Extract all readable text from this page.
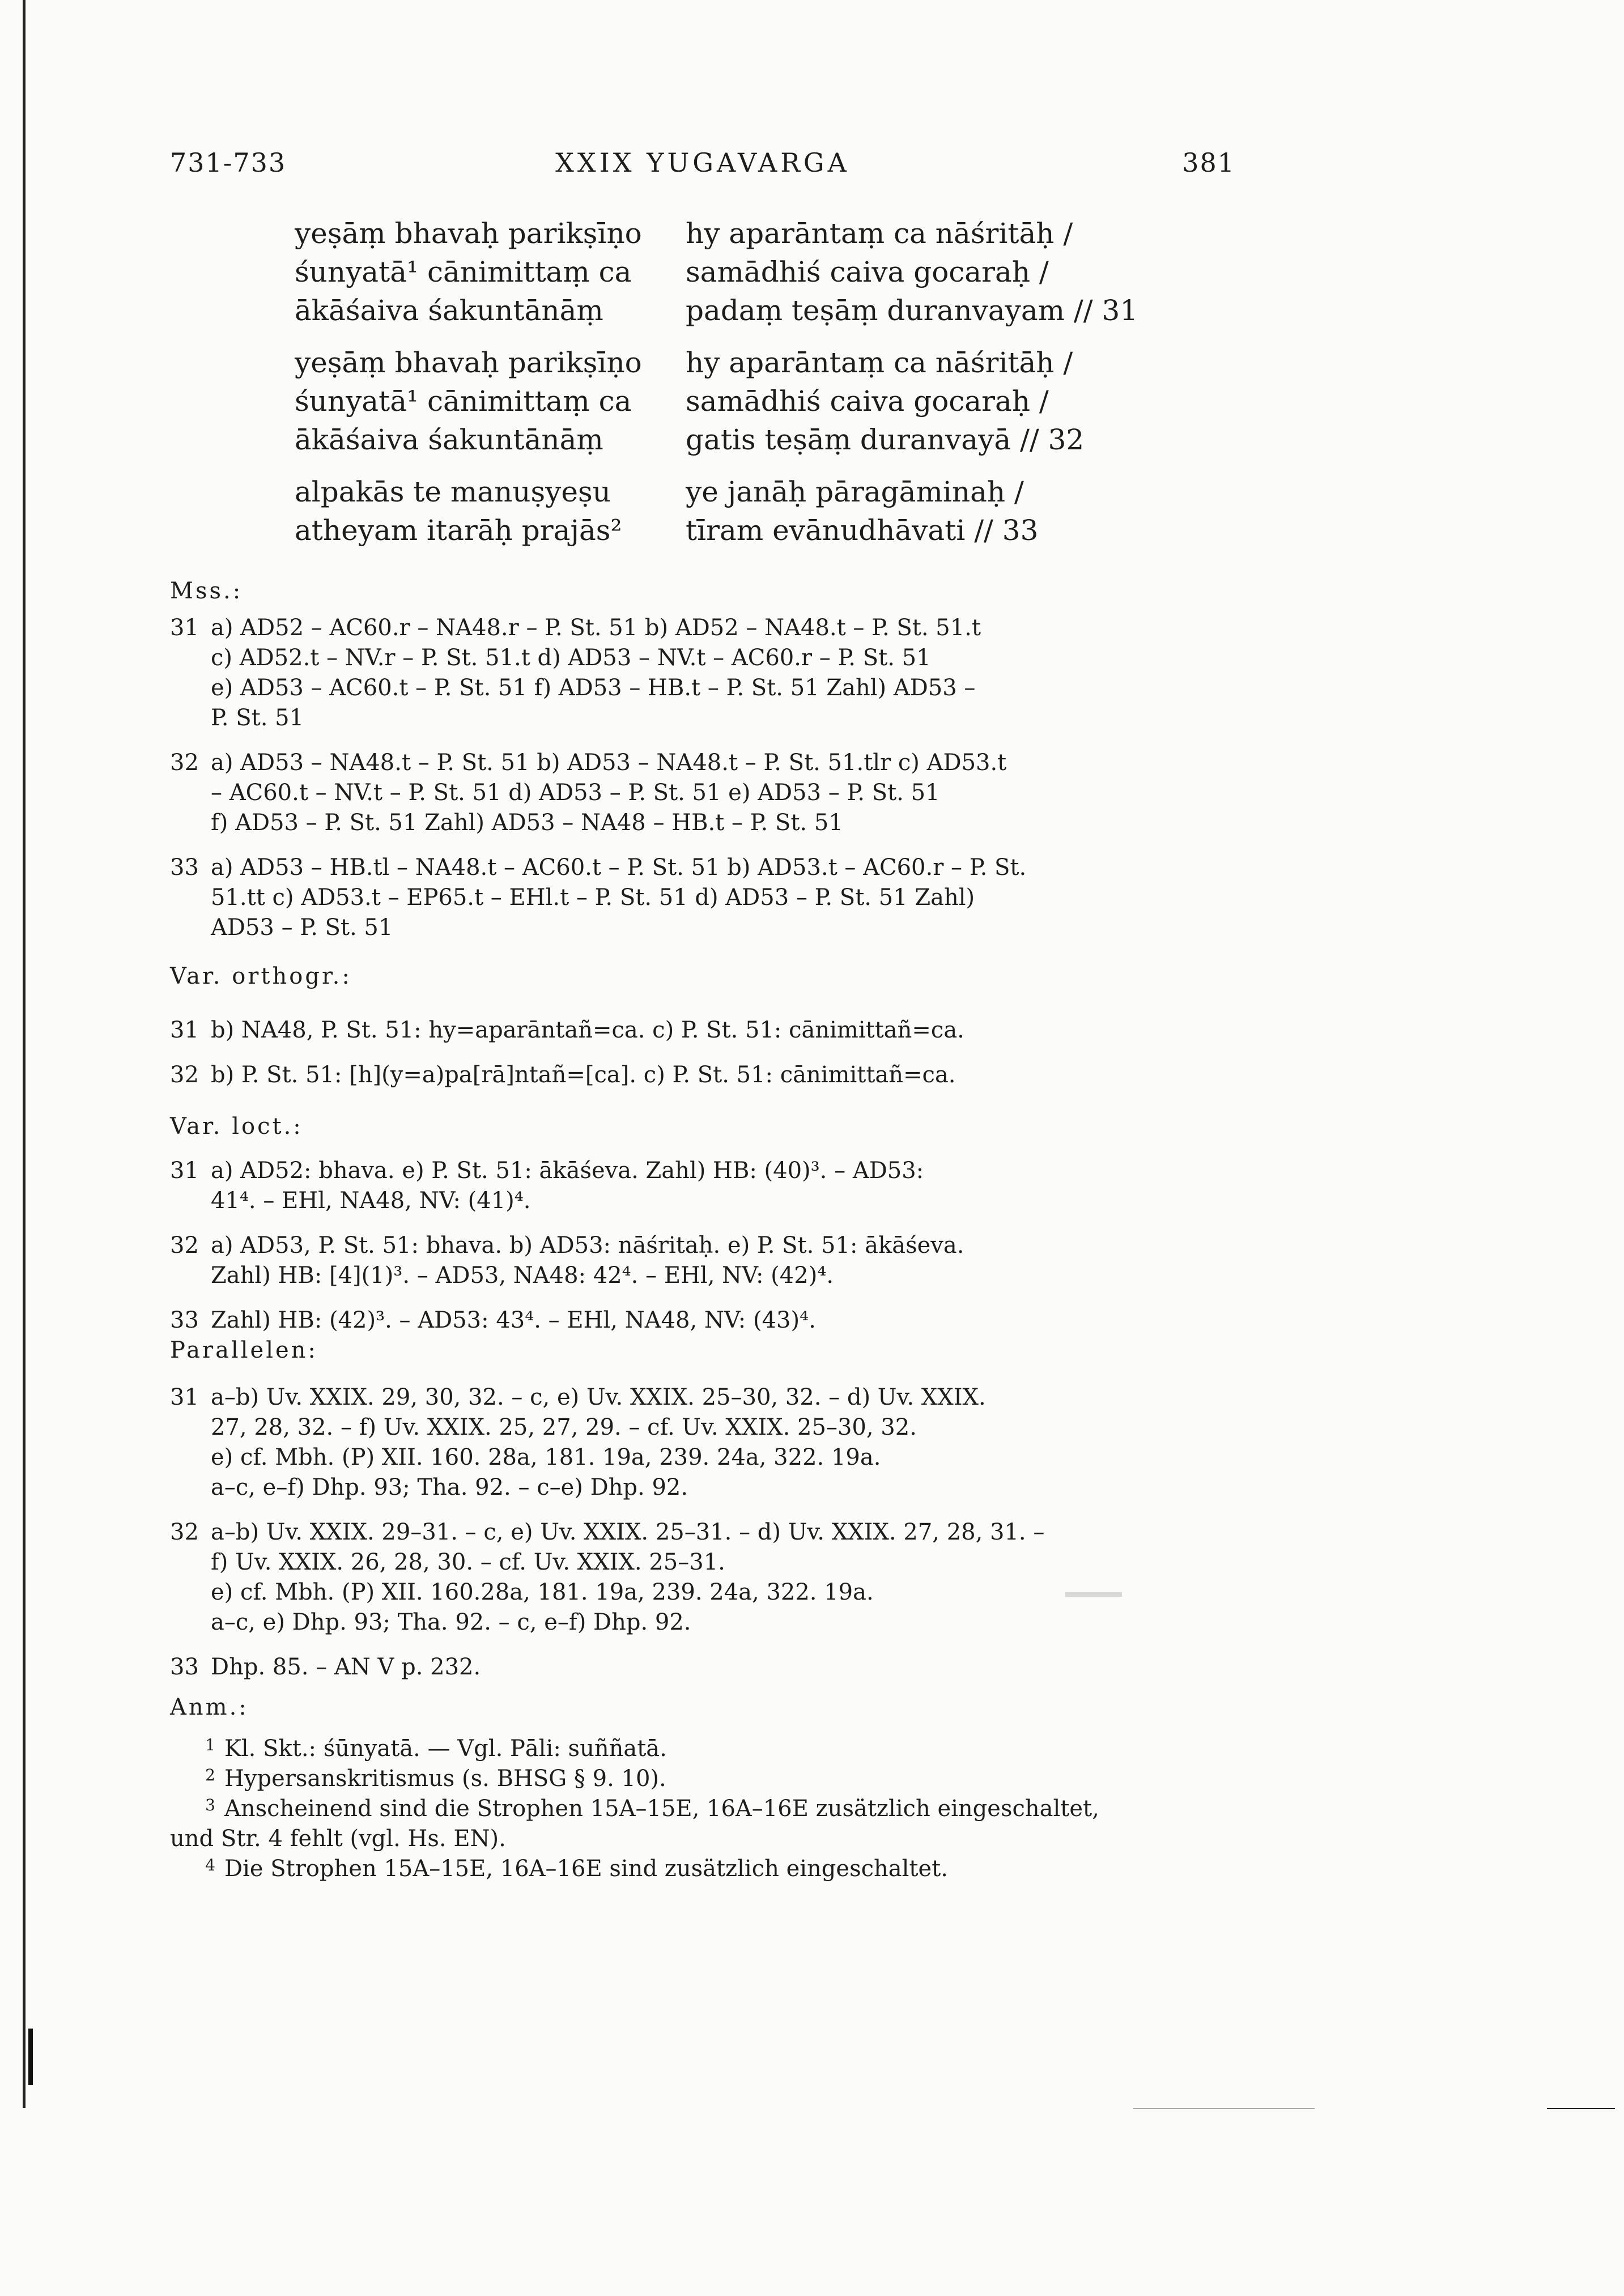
731-733	XXIX YUGAVARGA	381
yeṣāṃ bhavaḥ parikṣīṇo	hy aparāntaṃ ca nāśritāḥ /
śunyatā¹ cānimittaṃ ca	samādhiś caiva gocaraḥ /
ākāśaiva śakuntānāṃ	padaṃ teṣāṃ duranvayam // 31
yeṣāṃ bhavaḥ parikṣīṇo	hy aparāntaṃ ca nāśritāḥ /
śunyatā¹ cānimittaṃ ca	samādhiś caiva gocaraḥ /
ākāśaiva śakuntānāṃ	gatis teṣāṃ duranvayā // 32
alpakās te manuṣyeṣu	ye janāḥ pāragāminaḥ /
atheyam itarāḥ prajās²	tīram evānudhāvati // 33
Mss.:
31 a) AD52 – AC60.r – NA48.r – P. St. 51 b) AD52 – NA48.t – P. St. 51.t
c) AD52.t – NV.r – P. St. 51.t d) AD53 – NV.t – AC60.r – P. St. 51
e) AD53 – AC60.t – P. St. 51 f) AD53 – HB.t – P. St. 51 Zahl) AD53 –
P. St. 51
32 a) AD53 – NA48.t – P. St. 51 b) AD53 – NA48.t – P. St. 51.tlr c) AD53.t
– AC60.t – NV.t – P. St. 51 d) AD53 – P. St. 51 e) AD53 – P. St. 51
f) AD53 – P. St. 51 Zahl) AD53 – NA48 – HB.t – P. St. 51
33 a) AD53 – HB.tl – NA48.t – AC60.t – P. St. 51 b) AD53.t – AC60.r – P. St.
51.tt c) AD53.t – EP65.t – EHl.t – P. St. 51 d) AD53 – P. St. 51 Zahl)
AD53 – P. St. 51
Var. orthogr.:
31 b) NA48, P. St. 51: hy=aparāntañ=ca. c) P. St. 51: cānimittañ=ca.
32 b) P. St. 51: [h](y=a)pa[rā]ntañ=[ca]. c) P. St. 51: cānimittañ=ca.
Var. loct.:
31 a) AD52: bhava. e) P. St. 51: ākāśeva. Zahl) HB: (40)³. – AD53:
41⁴. – EHl, NA48, NV: (41)⁴.
32 a) AD53, P. St. 51: bhava. b) AD53: nāśritaḥ. e) P. St. 51: ākāśeva.
Zahl) HB: [4](1)³. – AD53, NA48: 42⁴. – EHl, NV: (42)⁴.
33 Zahl) HB: (42)³. – AD53: 43⁴. – EHl, NA48, NV: (43)⁴.
Parallelen:
31 a–b) Uv. XXIX. 29, 30, 32. – c, e) Uv. XXIX. 25–30, 32. – d) Uv. XXIX.
27, 28, 32. – f) Uv. XXIX. 25, 27, 29. – cf. Uv. XXIX. 25–30, 32.
e) cf. Mbh. (P) XII. 160. 28a, 181. 19a, 239. 24a, 322. 19a.
a–c, e–f) Dhp. 93; Tha. 92. – c–e) Dhp. 92.
32 a–b) Uv. XXIX. 29–31. – c, e) Uv. XXIX. 25–31. – d) Uv. XXIX. 27, 28, 31. –
f) Uv. XXIX. 26, 28, 30. – cf. Uv. XXIX. 25–31.
e) cf. Mbh. (P) XII. 160.28a, 181. 19a, 239. 24a, 322. 19a.
a–c, e) Dhp. 93; Tha. 92. – c, e–f) Dhp. 92.
33 Dhp. 85. – AN V p. 232.
Anm.:
1 Kl. Skt.: śūnyatā. — Vgl. Pāli: suññatā.
2 Hypersanskritismus (s. BHSG § 9. 10).
3 Anscheinend sind die Strophen 15A–15E, 16A–16E zusätzlich eingeschaltet,
und Str. 4 fehlt (vgl. Hs. EN).
4 Die Strophen 15A–15E, 16A–16E sind zusätzlich eingeschaltet.
